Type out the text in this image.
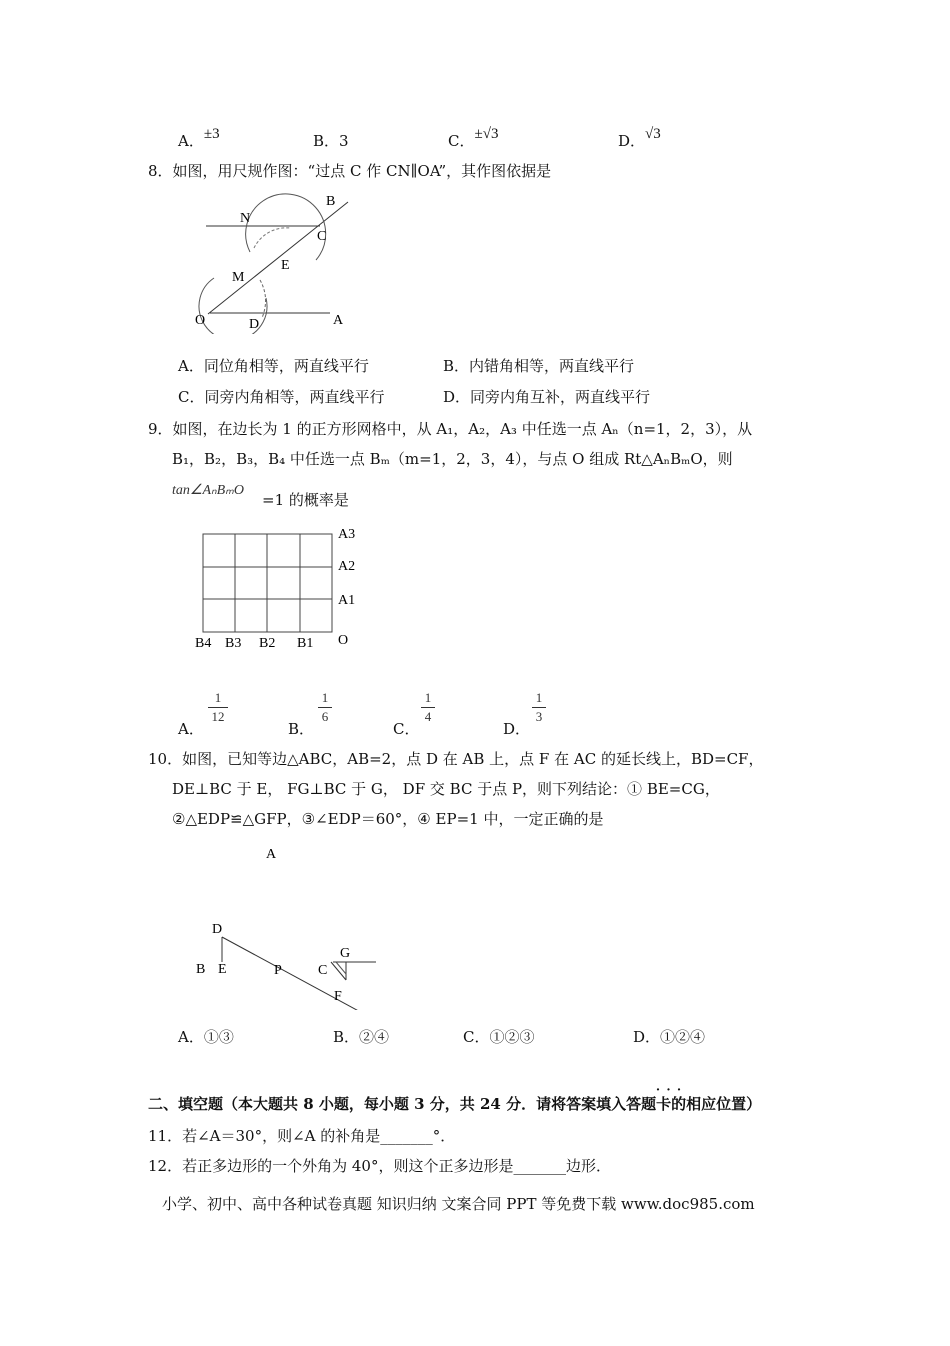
A．±3	B．3	C．±√3	D．√3
8．如图，用尺规作图：“过点 C 作 CN∥OA”，其作图依据是
N
B
C
M
E
O	D	A
A．同位角相等，两直线平行	B．内错角相等，两直线平行
C．同旁内角相等，两直线平行	D．同旁内角互补，两直线平行
9．如图，在边长为 1 的正方形网格中，从 A₁，A₂，A₃ 中任选一点 Aₙ（n=1，2，3），从
B₁，B₂，B₃，B₄ 中任选一点 Bₘ（m=1，2，3，4），与点 O 组成 Rt△AₙBₘO，则
tan∠AₙBₘO
=1 的概率是
A3
A2
A1
O
B4 B3 B2 B1
A．
1
12
B．
1
6
C．
1
4
D．
1
3
10．如图，已知等边△ABC，AB=2，点 D 在 AB 上，点 F 在 AC 的延长线上，BD=CF，
DE⊥BC 于 E， FG⊥BC 于 G， DF 交 BC 于点 P，则下列结论：① BE=CG，
②△EDP≌△GFP，③∠EDP＝60°，④ EP=1 中，一定正确的是
A
D
B E	P	C
G
F
A．①③	B．②④	C．①②③	D．①②④
．．．
二、填空题（本大题共 8 小题，每小题 3 分，共 24 分．请将答案填入答题卡的相应位置）
11．若∠A＝30°，则∠A 的补角是_______°．
12．若正多边形的一个外角为 40°，则这个正多边形是_______边形．
小学、初中、高中各种试卷真题 知识归纳 文案合同 PPT 等免费下载 www.doc985.com
